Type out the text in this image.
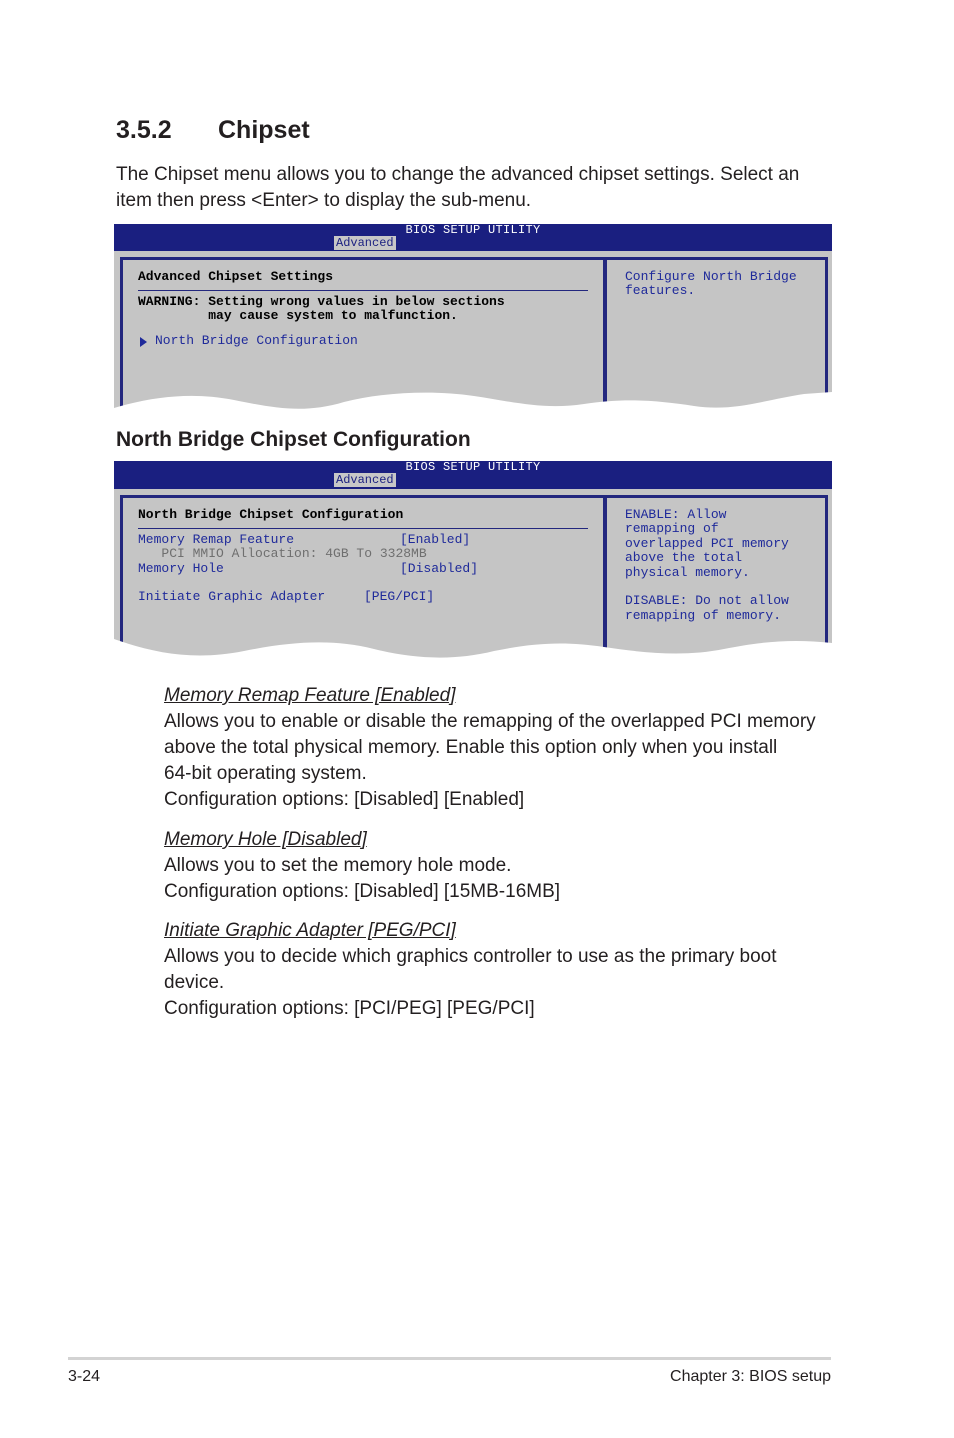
3.5.2 Chipset

The Chipset menu allows you to change the advanced chipset settings. Select an item then press <Enter> to display the sub-menu.

BIOS SETUP UTILITY
Advanced
Advanced Chipset Settings
WARNING: Setting wrong values in below sections
may cause system to malfunction.
North Bridge Configuration
Configure North Bridge
features.
North Bridge Chipset Configuration
BIOS SETUP UTILITY
Advanced
North Bridge Chipset Configuration
Memory Remap Feature	[Enabled]
PCI MMIO Allocation: 4GB To 3328MB
Memory Hole	[Disabled]
Initiate Graphic Adapter	[PEG/PCI]
ENABLE: Allow
remapping of
overlapped PCI memory
above the total
physical memory.
DISABLE: Do not allow
remapping of memory.

Memory Remap Feature [Enabled]

Allows you to enable or disable the remapping of the overlapped PCI memory

above the total physical memory. Enable this option only when you install

64-bit operating system.

Configuration options: [Disabled] [Enabled]

Memory Hole [Disabled]

Allows you to set the memory hole mode.

Configuration options: [Disabled] [15MB-16MB]

Initiate Graphic Adapter [PEG/PCI]

Allows you to decide which graphics controller to use as the primary boot

device.

Configuration options: [PCI/PEG] [PEG/PCI]

3-24	Chapter 3: BIOS setup
